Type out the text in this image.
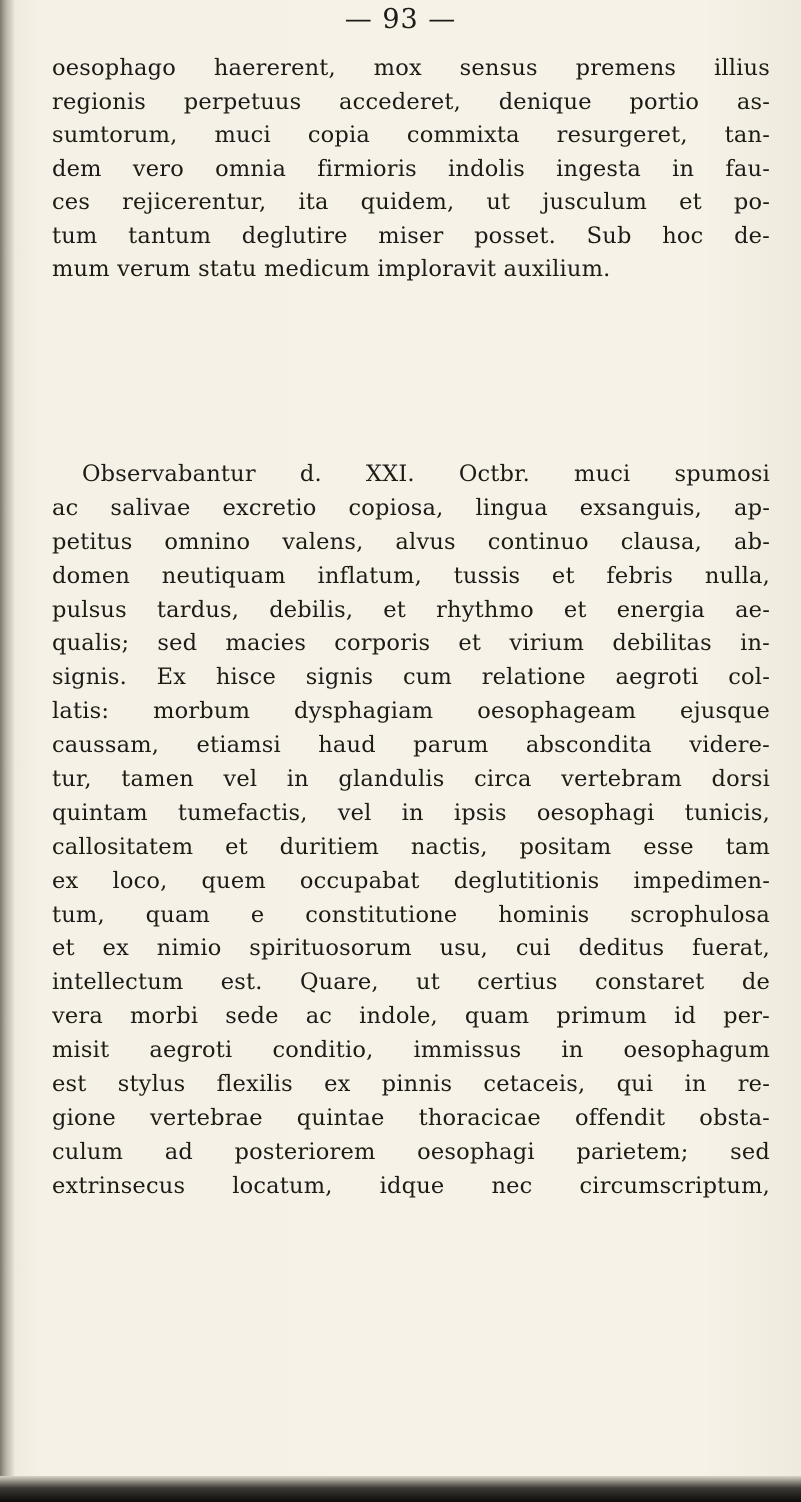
— 93 —
oesophago haererent, mox sensus premens illius
regionis perpetuus accederet, denique portio as-
sumtorum, muci copia commixta resurgeret, tan-
dem vero omnia firmioris indolis ingesta in fau-
ces rejicerentur, ita quidem, ut jusculum et po-
tum tantum deglutire miser posset. Sub hoc de-
mum verum statu medicum imploravit auxilium.
Observabantur d. XXI. Octbr. muci spumosi
ac salivae excretio copiosa, lingua exsanguis, ap-
petitus omnino valens, alvus continuo clausa, ab-
domen neutiquam inflatum, tussis et febris nulla,
pulsus tardus, debilis, et rhythmo et energia ae-
qualis; sed macies corporis et virium debilitas in-
signis. Ex hisce signis cum relatione aegroti col-
latis: morbum dysphagiam oesophageam ejusque
caussam, etiamsi haud parum abscondita videre-
tur, tamen vel in glandulis circa vertebram dorsi
quintam tumefactis, vel in ipsis oesophagi tunicis,
callositatem et duritiem nactis, positam esse tam
ex loco, quem occupabat deglutitionis impedimen-
tum, quam e constitutione hominis scrophulosa
et ex nimio spirituosorum usu, cui deditus fuerat,
intellectum est. Quare, ut certius constaret de
vera morbi sede ac indole, quam primum id per-
misit aegroti conditio, immissus in oesophagum
est stylus flexilis ex pinnis cetaceis, qui in re-
gione vertebrae quintae thoracicae offendit obsta-
culum ad posteriorem oesophagi parietem; sed
extrinsecus locatum, idque nec circumscriptum,
